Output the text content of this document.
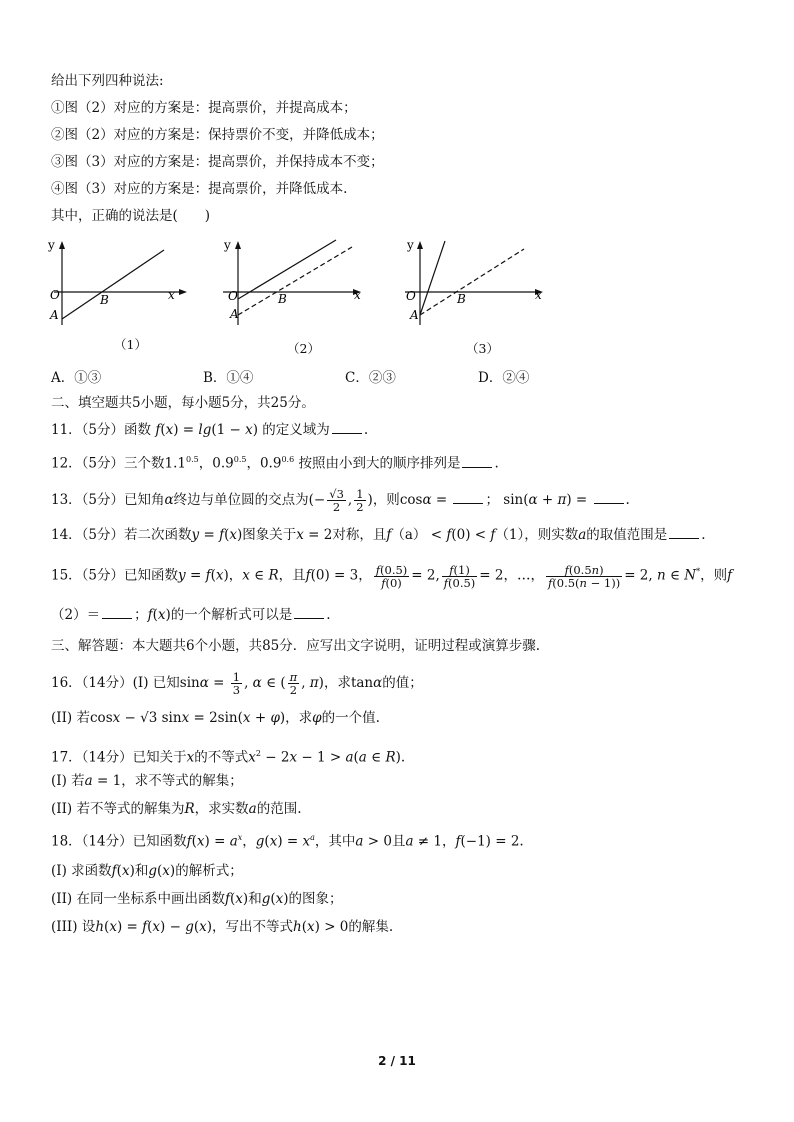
给出下列四种说法:
①图（2）对应的方案是：提高票价，并提高成本；
②图（2）对应的方案是：保持票价不变，并降低成本；
③图（3）对应的方案是：提高票价，并保持成本不变；
④图（3）对应的方案是：提高票价，并降低成本.
其中，正确的说法是(　　)
y
x
O
A
B
（1）
y
x
O
A
B
（2）
y
x
O
A
B
（3）
A．①③	B．①④	C．②③	D．②④
二、填空题共5小题，每小题5分，共25分。
11．（5分）函数 f(x) = lg(1 − x) 的定义域为	.
12．（5分）三个数$1.1^{0.5}$，$0.9^{0.5}$，$0.9^{0.6}$ 按照由小到大的顺序排列是	.
13．（5分）已知角α终边与单位圆的交点为(− $\frac{√3}{2}$ , $\frac{1}{2}$ )，则cosα =	； sin(α + π) =	.
14．（5分）若二次函数y = f(x)图象关于x = 2对称，且f（a） < f(0) < f（1），则实数a的取值范围是	.
15．（5分）已知函数y = f(x)，x ∈ R，且f(0) = 3， $\frac{f(0.5)}{f(0)} = 2$, $\frac{f(1)}{f(0.5)} = 2$，…， $\frac{f(0.5n)}{f(0.5(n - 1))} = 2$, n ∈ N*，则f
（2）＝	；f(x)的一个解析式可以是	.
三、解答题：本大题共6个小题，共85分．应写出文字说明，证明过程或演算步骤.
16．（14分）(I) 已知$\sin\alpha = \frac{1}{3}$ , α ∈ ( $\frac{\pi}{2}$ , π)，求tanα的值；
(II) 若cosx − √3 sinx = 2sin(x + φ)，求φ的一个值.
17．（14分）已知关于x的不等式$x^2 - 2x - 1 > a(a$ ∈ R).
(I) 若a = 1，求不等式的解集；
(II) 若不等式的解集为R，求实数a的范围.
18．（14分）已知函数$f(x) = a^x$，$g(x) = x^a$，其中a > 0且a ≠ 1，f(−1) = 2.
(I) 求函数f(x)和g(x)的解析式；
(II) 在同一坐标系中画出函数f(x)和g(x)的图象；
(III) 设h(x) = f(x) − g(x)，写出不等式h(x) > 0的解集.
2 / 11
